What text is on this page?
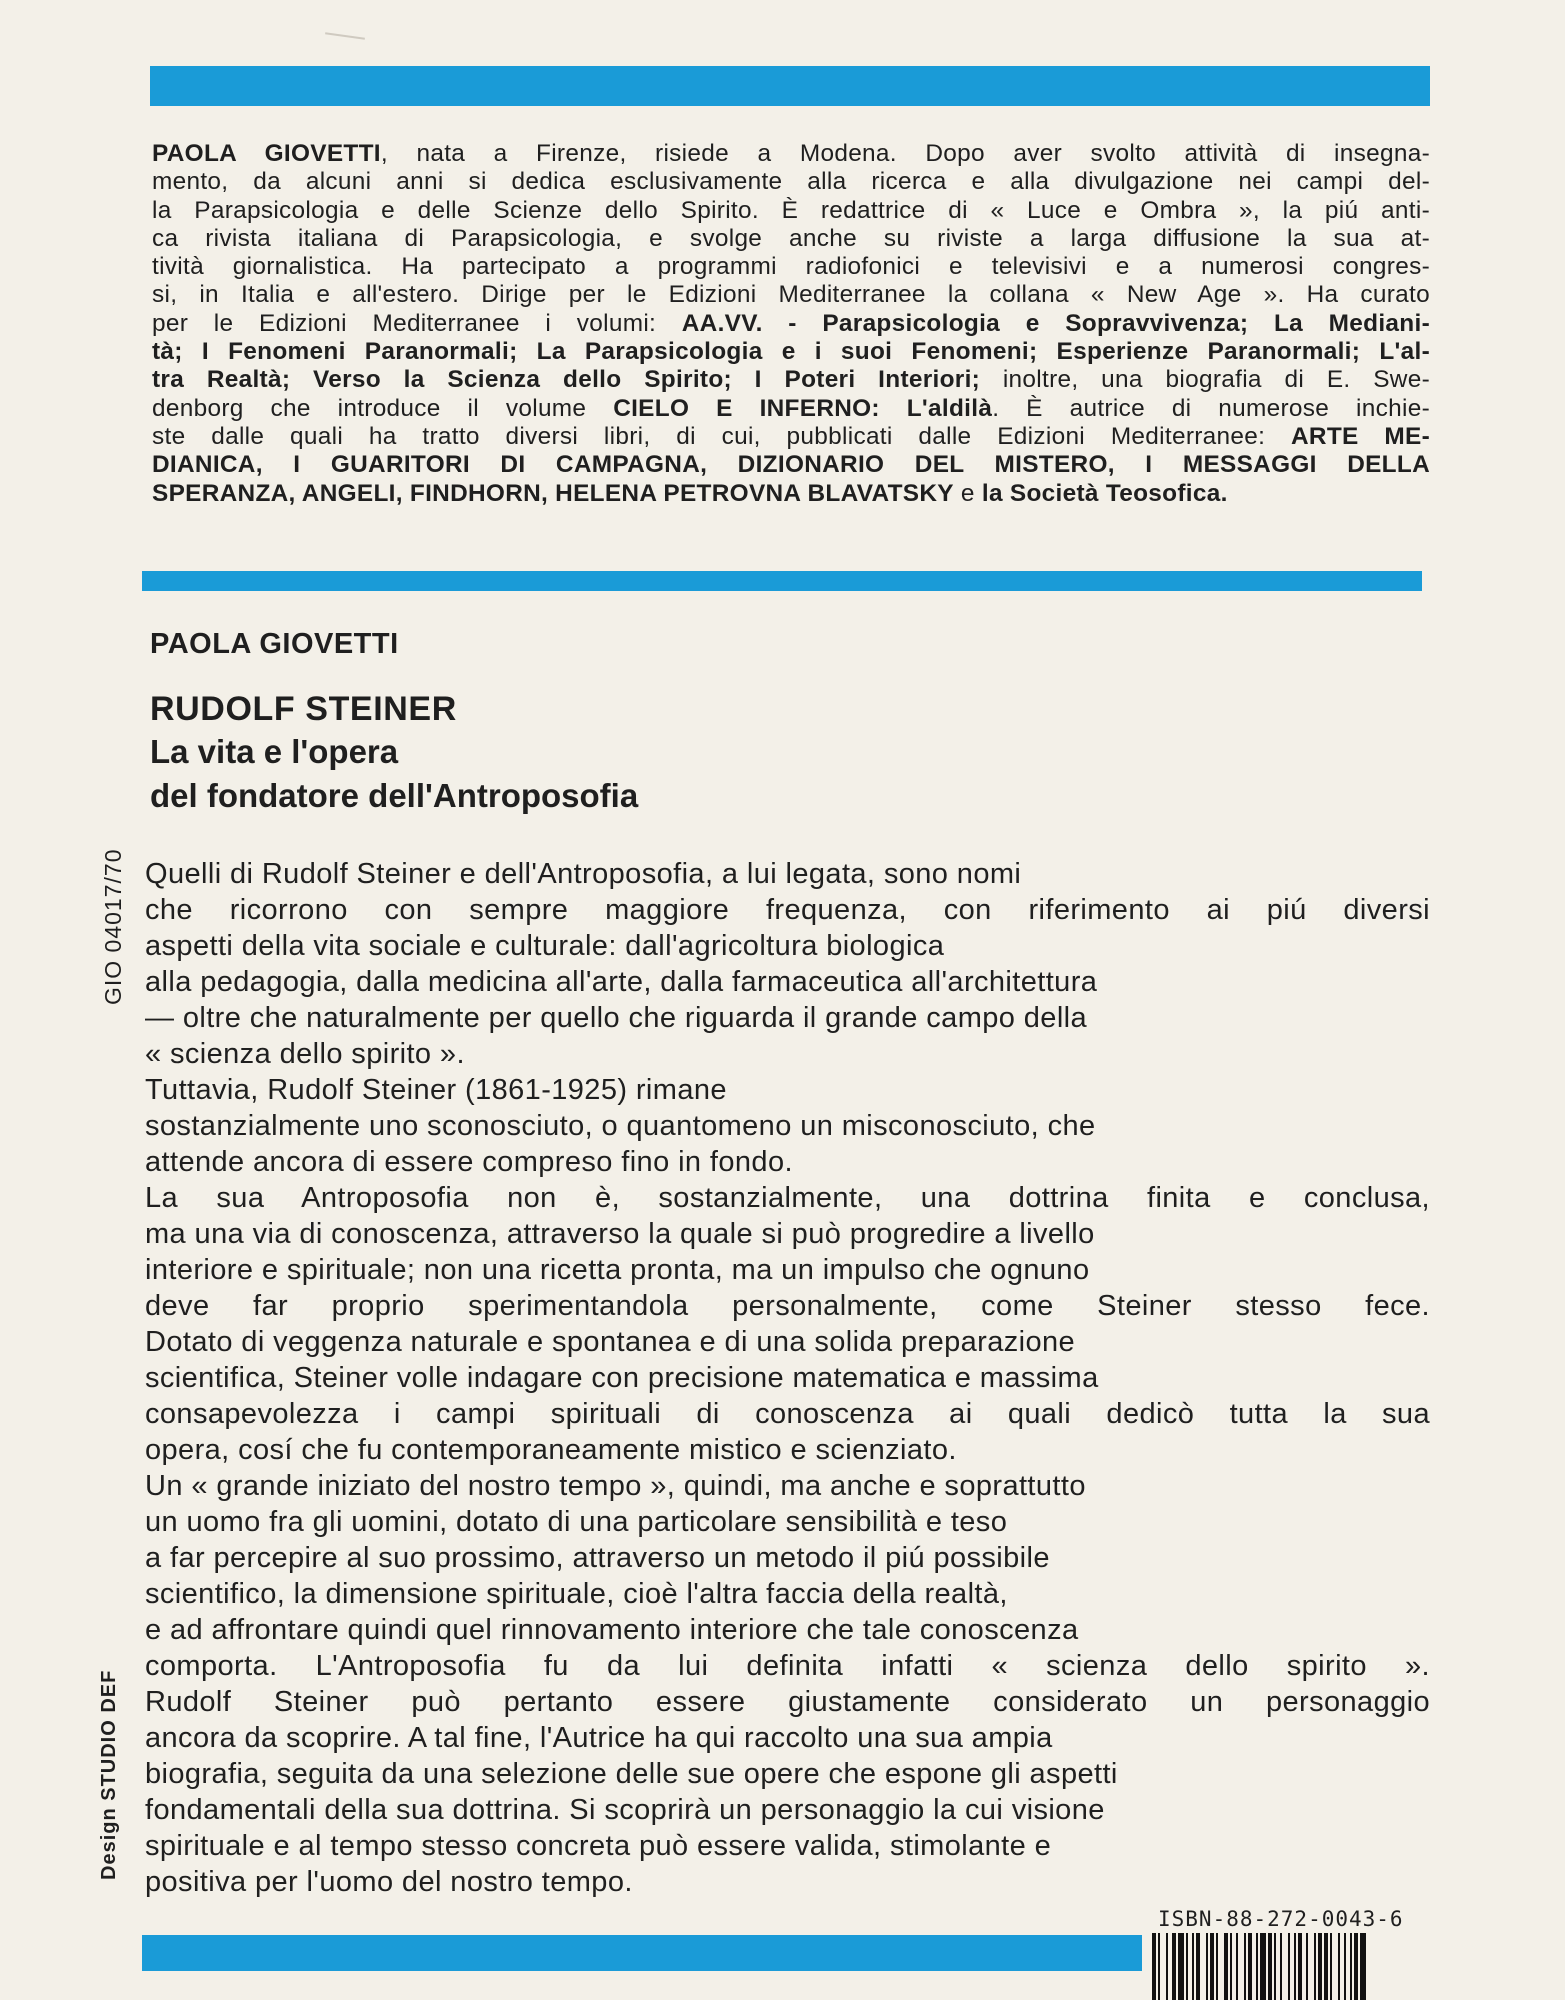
PAOLA GIOVETTI, nata a Firenze, risiede a Modena. Dopo aver svolto attività di insegna-
mento, da alcuni anni si dedica esclusivamente alla ricerca e alla divulgazione nei campi del-
la Parapsicologia e delle Scienze dello Spirito. È redattrice di « Luce e Ombra », la piú anti-
ca rivista italiana di Parapsicologia, e svolge anche su riviste a larga diffusione la sua at-
tività giornalistica. Ha partecipato a programmi radiofonici e televisivi e a numerosi congres-
si, in Italia e all'estero. Dirige per le Edizioni Mediterranee la collana « New Age ». Ha curato
per le Edizioni Mediterranee i volumi: AA.VV. - Parapsicologia e Sopravvivenza; La Mediani-
tà; I Fenomeni Paranormali; La Parapsicologia e i suoi Fenomeni; Esperienze Paranormali; L'al-
tra Realtà; Verso la Scienza dello Spirito; I Poteri Interiori; inoltre, una biografia di E. Swe-
denborg che introduce il volume CIELO E INFERNO: L'aldilà. È autrice di numerose inchie-
ste dalle quali ha tratto diversi libri, di cui, pubblicati dalle Edizioni Mediterranee: ARTE ME-
DIANICA, I GUARITORI DI CAMPAGNA, DIZIONARIO DEL MISTERO, I MESSAGGI DELLA
SPERANZA, ANGELI, FINDHORN, HELENA PETROVNA BLAVATSKY e la Società Teosofica.
PAOLA GIOVETTI
RUDOLF STEINER
La vita e l'opera
del fondatore dell'Antroposofia
GIO 04017/70 Quelli di Rudolf Steiner e dell'Antroposofia, a lui legata, sono nomi
che ricorrono con sempre maggiore frequenza, con riferimento ai piú diversi
aspetti della vita sociale e culturale: dall'agricoltura biologica
alla pedagogia, dalla medicina all'arte, dalla farmaceutica all'architettura
— oltre che naturalmente per quello che riguarda il grande campo della
« scienza dello spirito ».
Tuttavia, Rudolf Steiner (1861-1925) rimane
sostanzialmente uno sconosciuto, o quantomeno un misconosciuto, che
attende ancora di essere compreso fino in fondo.
La sua Antroposofia non è, sostanzialmente, una dottrina finita e conclusa,
ma una via di conoscenza, attraverso la quale si può progredire a livello
interiore e spirituale; non una ricetta pronta, ma un impulso che ognuno
deve far proprio sperimentandola personalmente, come Steiner stesso fece.
Dotato di veggenza naturale e spontanea e di una solida preparazione
scientifica, Steiner volle indagare con precisione matematica e massima
consapevolezza i campi spirituali di conoscenza ai quali dedicò tutta la sua
opera, cosí che fu contemporaneamente mistico e scienziato.
Un « grande iniziato del nostro tempo », quindi, ma anche e soprattutto
un uomo fra gli uomini, dotato di una particolare sensibilità e teso
a far percepire al suo prossimo, attraverso un metodo il piú possibile
scientifico, la dimensione spirituale, cioè l'altra faccia della realtà,
e ad affrontare quindi quel rinnovamento interiore che tale conoscenza
comporta. L'Antroposofia fu da lui definita infatti « scienza dello spirito ».
Rudolf Steiner può pertanto essere giustamente considerato un personaggio
ancora da scoprire. A tal fine, l'Autrice ha qui raccolto una sua ampia
biografia, seguita da una selezione delle sue opere che espone gli aspetti
fondamentali della sua dottrina. Si scoprirà un personaggio la cui visione
spirituale e al tempo stesso concreta può essere valida, stimolante e
positiva per l'uomo del nostro tempo.
Design STUDIO DEF
ISBN-88-272-0043-6
